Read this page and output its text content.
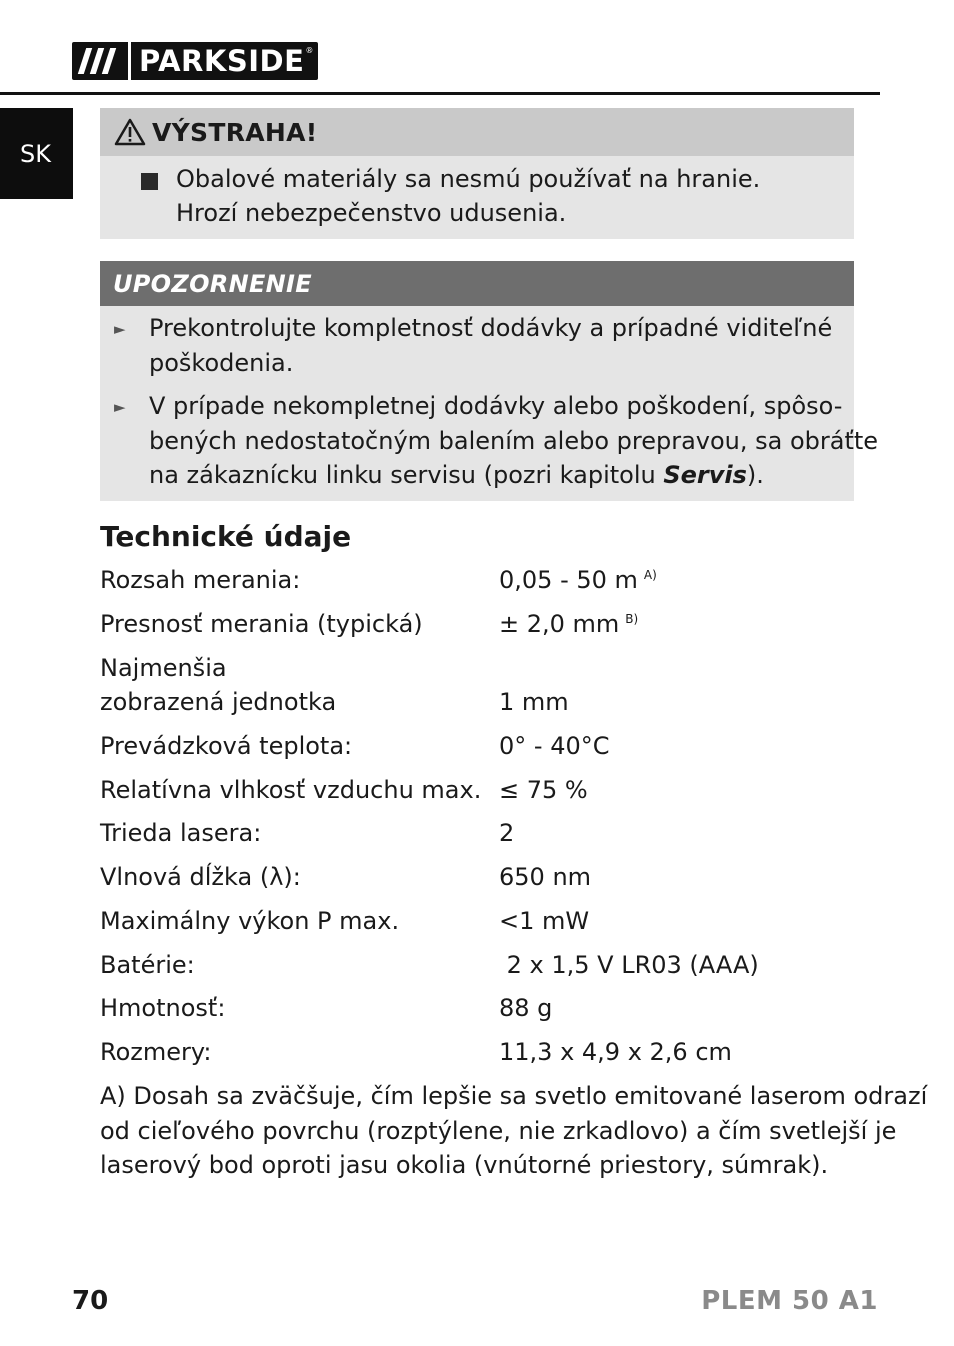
PARKSIDE ®
SK
VÝSTRAHA!
Obalové materiály sa nesmú používať na hranie.
Hrozí nebezpečenstvo udusenia.
UPOZORNENIE
► Prekontrolujte kompletnosť dodávky a prípadné viditeľné
poškodenia.
► V prípade nekompletnej dodávky alebo poškodení, spôso-
bených nedostatočným balením alebo prepravou, sa obráťte
na zákaznícku linku servisu (pozri kapitolu Servis).
Technické údaje
Rozsah merania:	0,05 - 50 m $^{A)}$
Presnosť merania (typická)	± 2,0 mm $^{B)}$
Najmenšia
zobrazená jednotka	1 mm
Prevádzková teplota:	0° - 40°C
Relatívna vlhkosť vzduchu max. ≤ 75 %
Trieda lasera:	2
Vlnová dĺžka (λ):	650 nm
Maximálny výkon P max.	<1 mW
Batérie:	2 x 1,5 V LR03 (AAA)
Hmotnosť:	88 g
Rozmery:	11,3 x 4,9 x 2,6 cm
A) Dosah sa zväčšuje, čím lepšie sa svetlo emitované laserom odrazí
od cieľového povrchu (rozptýlene, nie zrkadlovo) a čím svetlejší je
laserový bod oproti jasu okolia (vnútorné priestory, súmrak).
70	PLEM 50 A1
